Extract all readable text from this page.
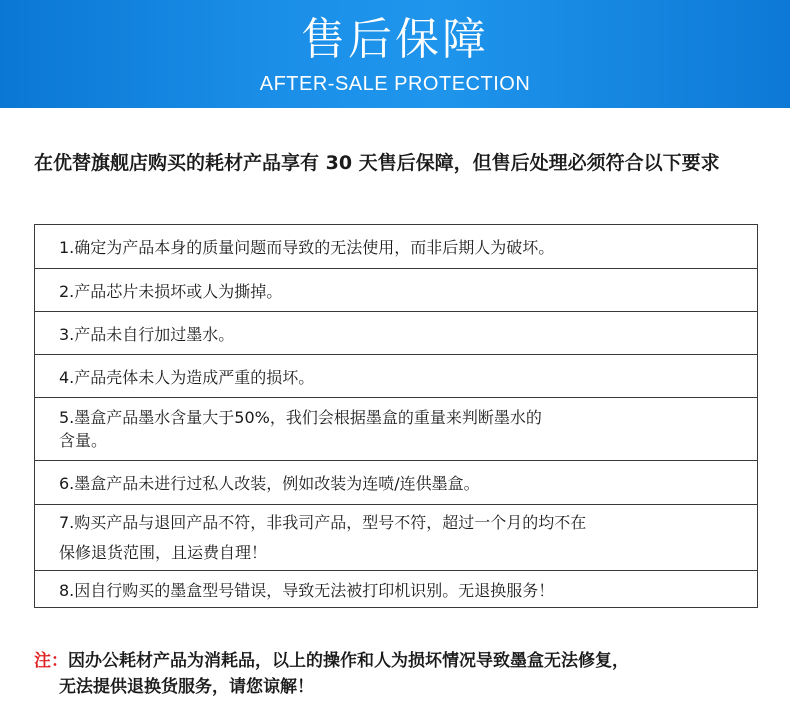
售后保障
AFTER-SALE PROTECTION
在优替旗舰店购买的耗材产品享有 30 天售后保障，但售后处理必须符合以下要求
1.确定为产品本身的质量问题而导致的无法使用，而非后期人为破坏。
2.产品芯片未损坏或人为撕掉。
3.产品未自行加过墨水。
4.产品壳体未人为造成严重的损坏。
5.墨盒产品墨水含量大于50%，我们会根据墨盒的重量来判断墨水的
含量。
6.墨盒产品未进行过私人改装，例如改装为连喷/连供墨盒。
7.购买产品与退回产品不符，非我司产品，型号不符，超过一个月的均不在
保修退货范围，且运费自理！
8.因自行购买的墨盒型号错误，导致无法被打印机识别。无退换服务！
注：因办公耗材产品为消耗品，以上的操作和人为损坏情况导致墨盒无法修复，
无法提供退换货服务，请您谅解！
